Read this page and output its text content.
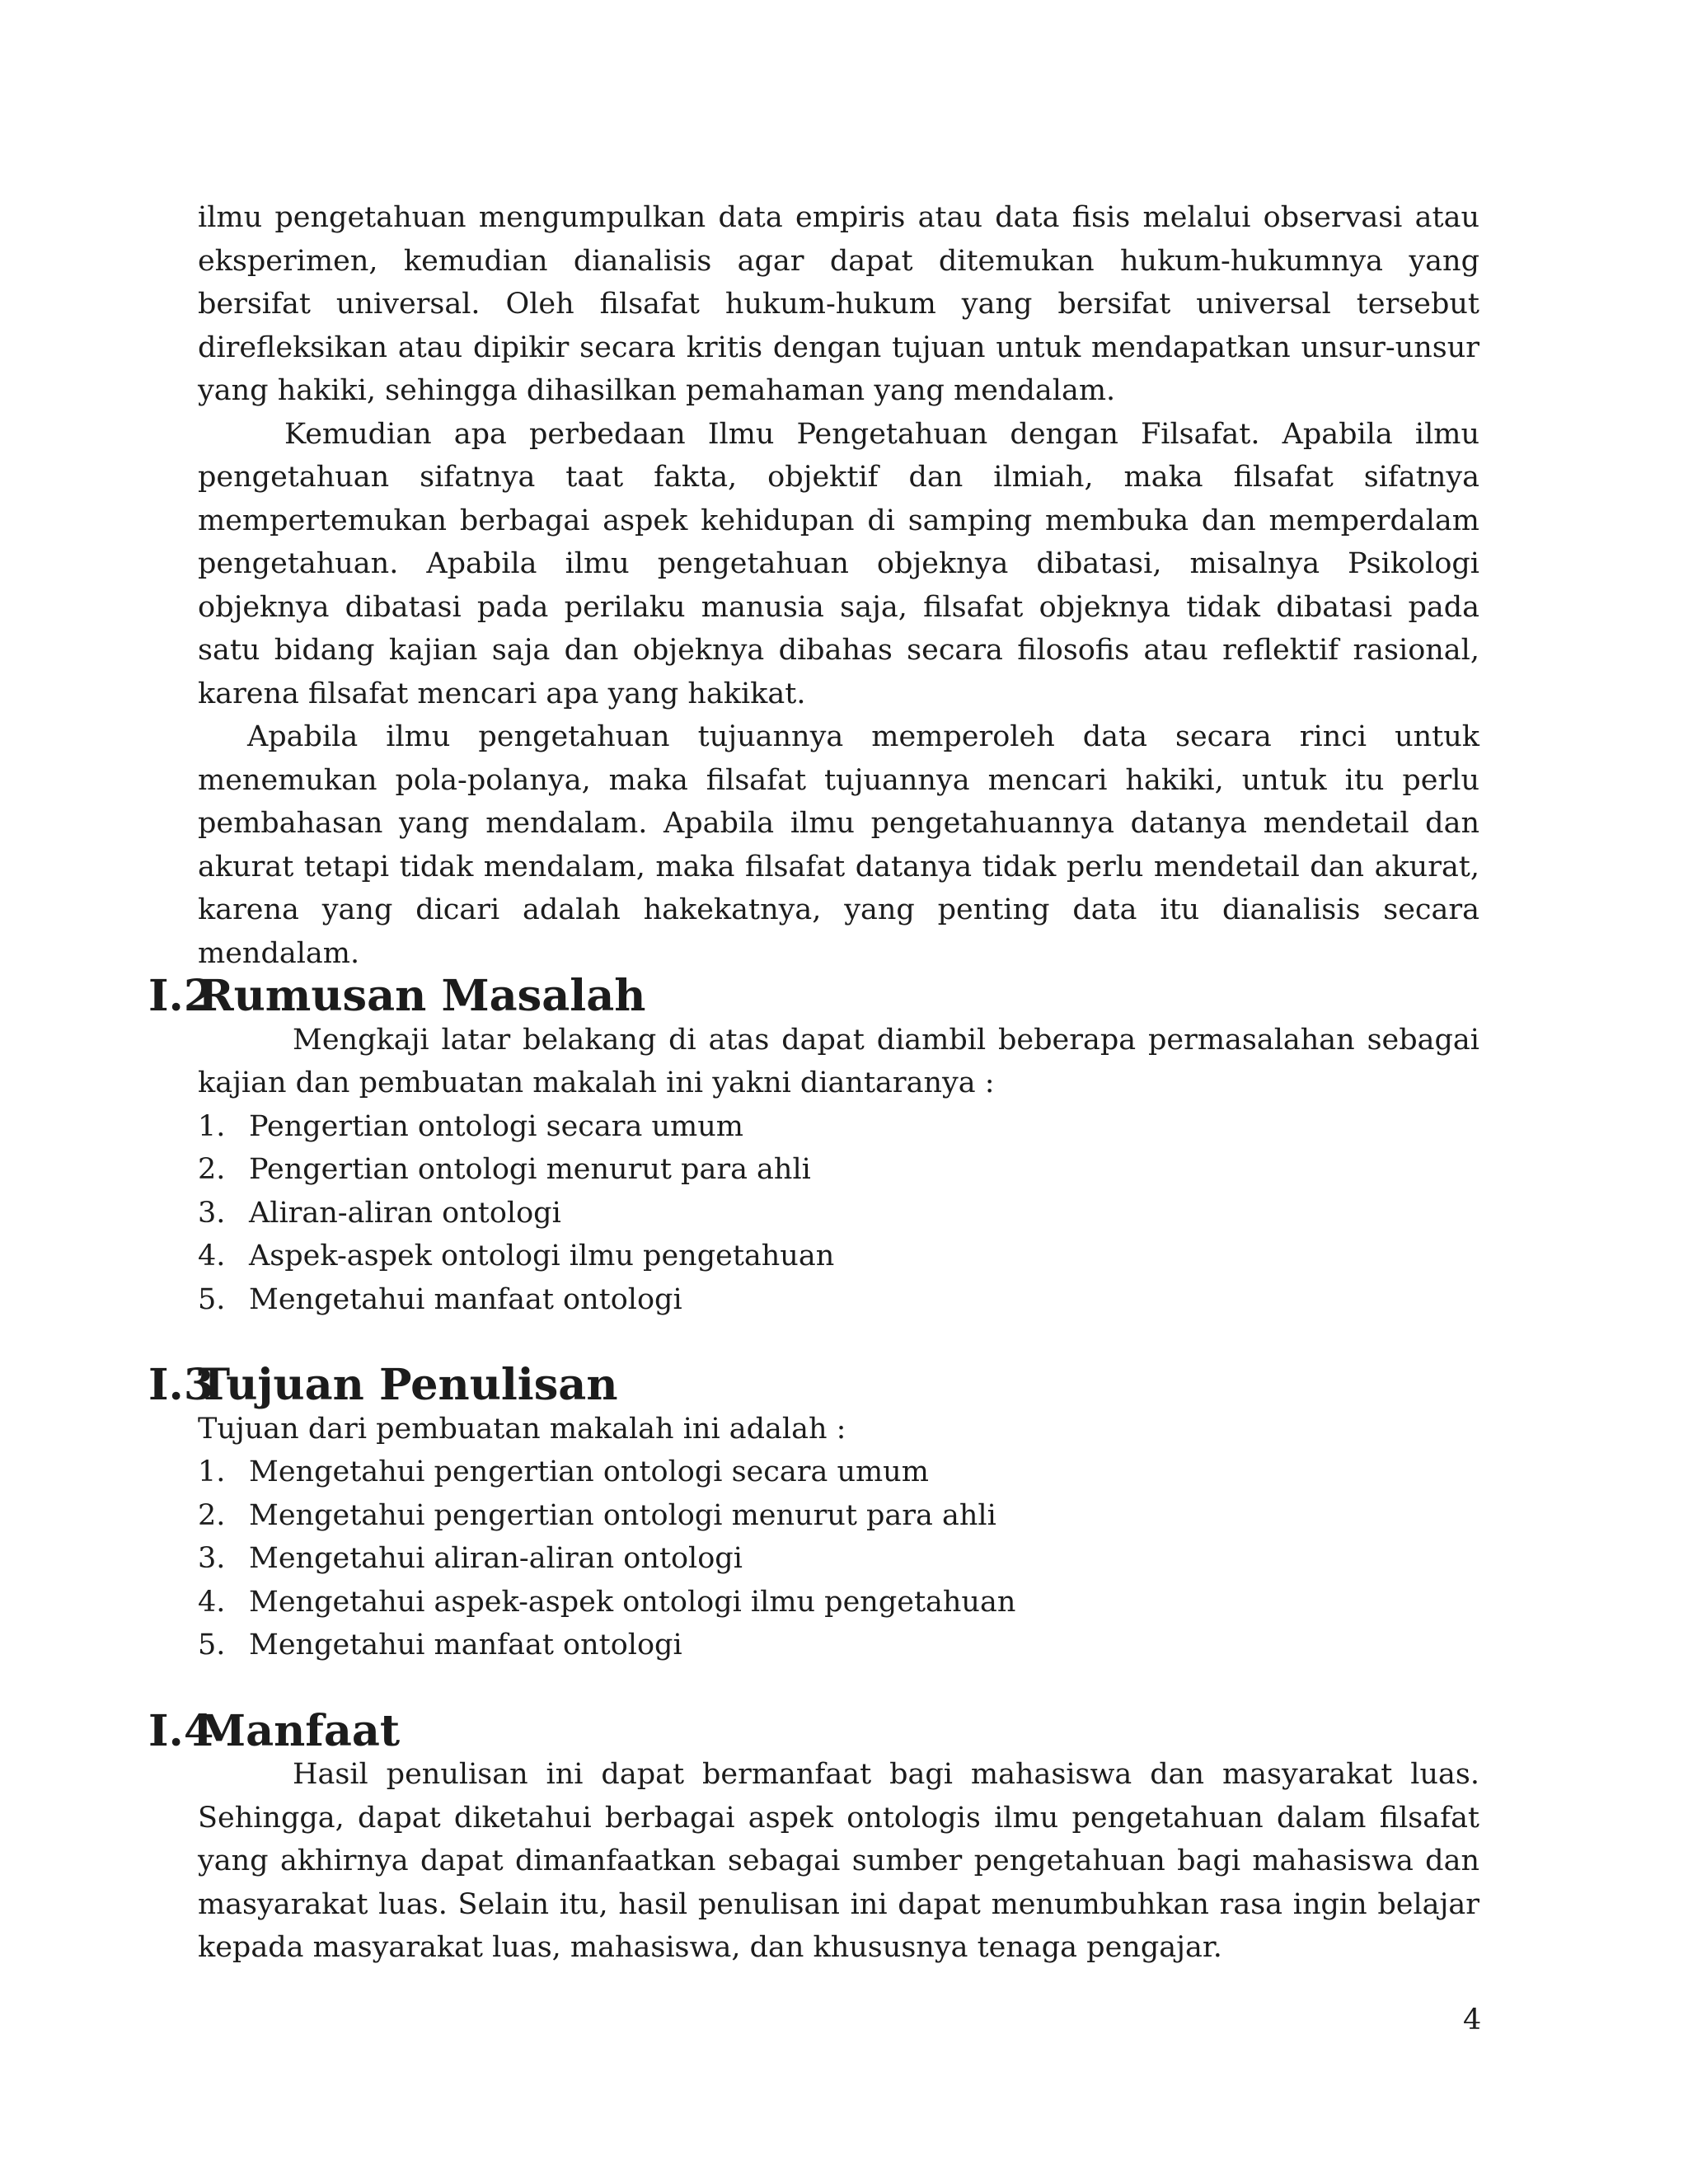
ilmu pengetahuan mengumpulkan data empiris atau data fisis melalui observasi atau eksperimen, kemudian dianalisis agar dapat ditemukan hukum-hukumnya yang bersifat universal. Oleh filsafat hukum-hukum yang bersifat universal tersebut direfleksikan atau dipikir secara kritis dengan tujuan untuk mendapatkan unsur-unsur yang hakiki, sehingga dihasilkan pemahaman yang mendalam.

Kemudian apa perbedaan Ilmu Pengetahuan dengan Filsafat. Apabila ilmu pengetahuan sifatnya taat fakta, objektif dan ilmiah, maka filsafat sifatnya mempertemukan berbagai aspek kehidupan di samping membuka dan memperdalam pengetahuan. Apabila ilmu pengetahuan objeknya dibatasi, misalnya Psikologi objeknya dibatasi pada perilaku manusia saja, filsafat objeknya tidak dibatasi pada satu bidang kajian saja dan objeknya dibahas secara filosofis atau reflektif rasional, karena filsafat mencari apa yang hakikat.

Apabila ilmu pengetahuan tujuannya memperoleh data secara rinci untuk menemukan pola-polanya, maka filsafat tujuannya mencari hakiki, untuk itu perlu pembahasan yang mendalam. Apabila ilmu pengetahuannya datanya mendetail dan akurat tetapi tidak mendalam, maka filsafat datanya tidak perlu mendetail dan akurat, karena yang dicari adalah hakekatnya, yang penting data itu dianalisis secara mendalam.

I.2
Rumusan Masalah

Mengkaji latar belakang di atas dapat diambil beberapa permasalahan sebagai kajian dan pembuatan makalah ini yakni diantaranya :

1. Pengertian ontologi secara umum
2. Pengertian ontologi menurut para ahli
3. Aliran-aliran ontologi
4. Aspek-aspek ontologi ilmu pengetahuan
5. Mengetahui manfaat ontologi
I.3
Tujuan Penulisan

Tujuan dari pembuatan makalah ini adalah :

1. Mengetahui pengertian ontologi secara umum
2. Mengetahui pengertian ontologi menurut para ahli
3. Mengetahui aliran-aliran ontologi
4. Mengetahui aspek-aspek ontologi ilmu pengetahuan
5. Mengetahui manfaat ontologi
I.4
Manfaat

Hasil penulisan ini dapat bermanfaat bagi mahasiswa dan masyarakat luas. Sehingga, dapat diketahui berbagai aspek ontologis ilmu pengetahuan dalam filsafat yang akhirnya dapat dimanfaatkan sebagai sumber pengetahuan bagi mahasiswa dan masyarakat luas. Selain itu, hasil penulisan ini dapat menumbuhkan rasa ingin belajar kepada masyarakat luas, mahasiswa, dan khususnya tenaga pengajar.

4
